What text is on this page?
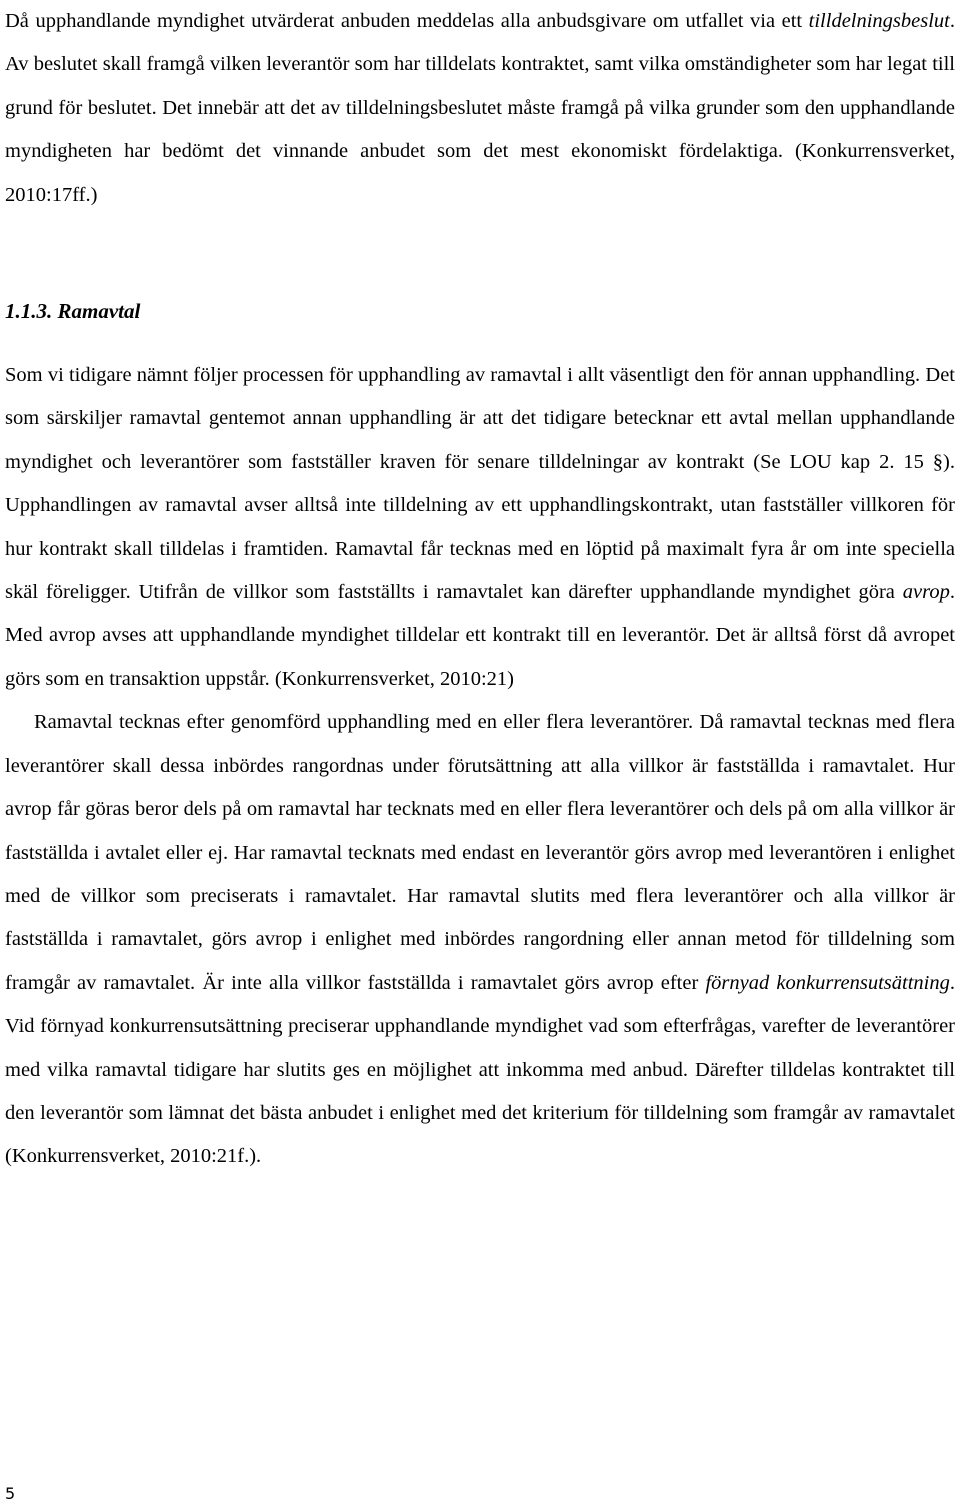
Då upphandlande myndighet utvärderat anbuden meddelas alla anbudsgivare om utfallet via ett tilldelningsbeslut. Av beslutet skall framgå vilken leverantör som har tilldelats kontraktet, samt vilka omständigheter som har legat till grund för beslutet. Det innebär att det av tilldelningsbeslutet måste framgå på vilka grunder som den upphandlande myndigheten har bedömt det vinnande anbudet som det mest ekonomiskt fördelaktiga. (Konkurrensverket, 2010:17ff.)

1.1.3. Ramavtal

Som vi tidigare nämnt följer processen för upphandling av ramavtal i allt väsentligt den för annan upphandling. Det som särskiljer ramavtal gentemot annan upphandling är att det tidigare betecknar ett avtal mellan upphandlande myndighet och leverantörer som fastställer kraven för senare tilldelningar av kontrakt (Se LOU kap 2. 15 §). Upphandlingen av ramavtal avser alltså inte tilldelning av ett upphandlingskontrakt, utan fastställer villkoren för hur kontrakt skall tilldelas i framtiden. Ramavtal får tecknas med en löptid på maximalt fyra år om inte speciella skäl föreligger. Utifrån de villkor som fastställts i ramavtalet kan därefter upphandlande myndighet göra avrop. Med avrop avses att upphandlande myndighet tilldelar ett kontrakt till en leverantör. Det är alltså först då avropet görs som en transaktion uppstår. (Konkurrensverket, 2010:21)

Ramavtal tecknas efter genomförd upphandling med en eller flera leverantörer. Då ramavtal tecknas med flera leverantörer skall dessa inbördes rangordnas under förutsättning att alla villkor är fastställda i ramavtalet. Hur avrop får göras beror dels på om ramavtal har tecknats med en eller flera leverantörer och dels på om alla villkor är fastställda i avtalet eller ej. Har ramavtal tecknats med endast en leverantör görs avrop med leverantören i enlighet med de villkor som preciserats i ramavtalet. Har ramavtal slutits med flera leverantörer och alla villkor är fastställda i ramavtalet, görs avrop i enlighet med inbördes rangordning eller annan metod för tilldelning som framgår av ramavtalet. Är inte alla villkor fastställda i ramavtalet görs avrop efter förnyad konkurrensutsättning. Vid förnyad konkurrensutsättning preciserar upphandlande myndighet vad som efterfrågas, varefter de leverantörer med vilka ramavtal tidigare har slutits ges en möjlighet att inkomma med anbud. Därefter tilldelas kontraktet till den leverantör som lämnat det bästa anbudet i enlighet med det kriterium för tilldelning som framgår av ramavtalet (Konkurrensverket, 2010:21f.).

5
